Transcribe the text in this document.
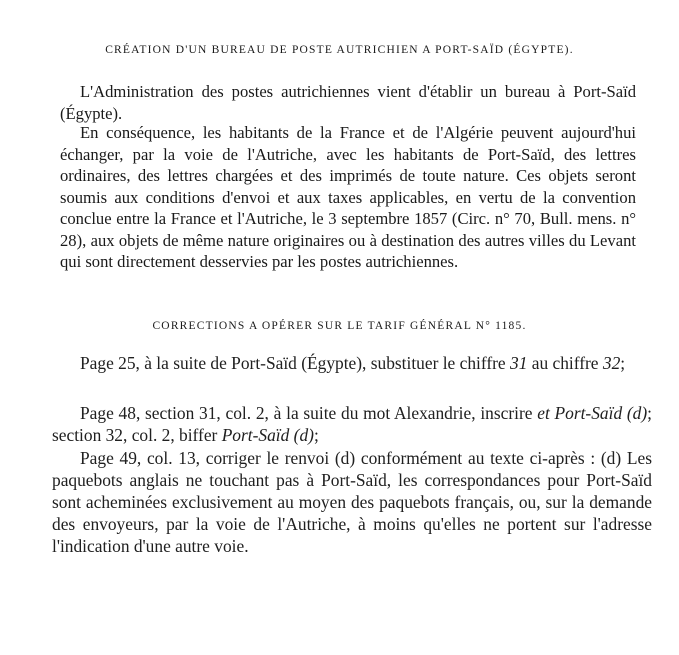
CRÉATION D'UN BUREAU DE POSTE AUTRICHIEN A PORT-SAÏD (ÉGYPTE).

L'Administration des postes autrichiennes vient d'établir un bureau à Port-Saïd (Égypte).

En conséquence, les habitants de la France et de l'Algérie peuvent aujourd'hui échanger, par la voie de l'Autriche, avec les habitants de Port-Saïd, des lettres ordinaires, des lettres chargées et des imprimés de toute nature. Ces objets seront soumis aux conditions d'envoi et aux taxes applicables, en vertu de la convention conclue entre la France et l'Autriche, le 3 septembre 1857 (Circ. n° 70, Bull. mens. n° 28), aux objets de même nature originaires ou à destination des autres villes du Levant qui sont directement desservies par les postes autrichiennes.

CORRECTIONS A OPÉRER SUR LE TARIF GÉNÉRAL N° 1185.

Page 25, à la suite de Port-Saïd (Égypte), substituer le chiffre 31 au chiffre 32;

Page 48, section 31, col. 2, à la suite du mot Alexandrie, inscrire et Port-Saïd (d); section 32, col. 2, biffer Port-Saïd (d);

Page 49, col. 13, corriger le renvoi (d) conformément au texte ci-après : (d) Les paquebots anglais ne touchant pas à Port-Saïd, les correspondances pour Port-Saïd sont acheminées exclusivement au moyen des paquebots français, ou, sur la demande des envoyeurs, par la voie de l'Autriche, à moins qu'elles ne portent sur l'adresse l'indication d'une autre voie.
